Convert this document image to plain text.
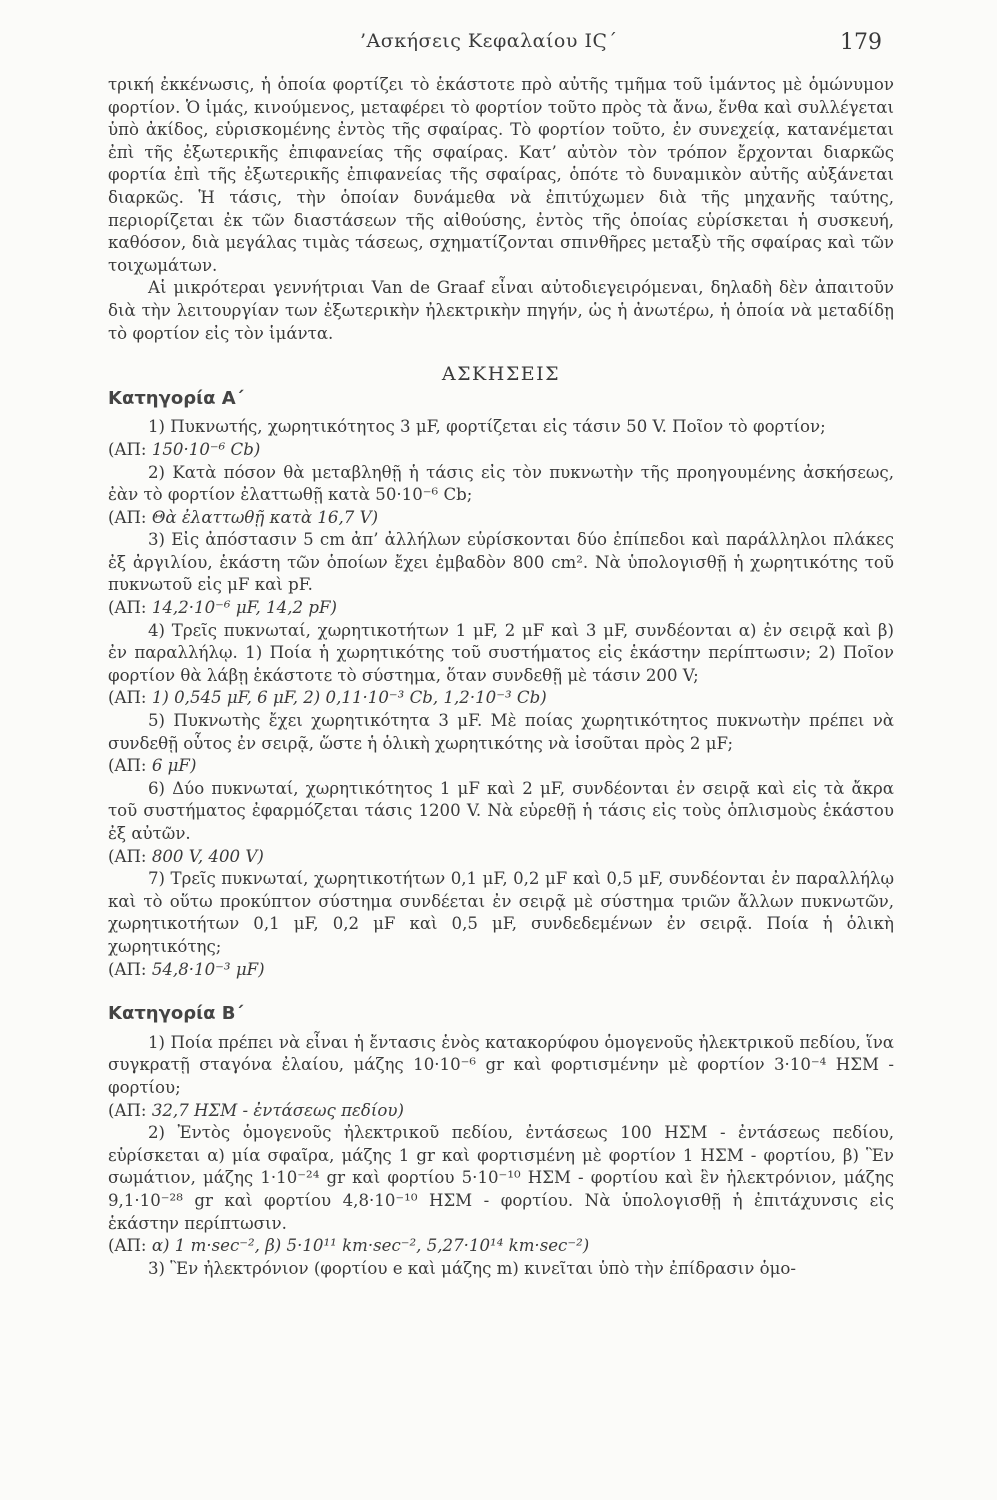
’Ασκήσεις Κεφαλαίου ΙϚ΄	179

τρική ἐκκένωσις, ἡ ὁποία φορτίζει τὸ ἑκάστοτε πρὸ αὐτῆς τμῆμα τοῦ ἱμάντος μὲ ὁμώνυμον φορτίον. Ὁ ἱμάς, κινούμενος, μεταφέρει τὸ φορτίον τοῦτο πρὸς τὰ ἄνω, ἔνθα καὶ συλλέγεται ὑπὸ ἀκίδος, εὑρισκομένης ἐντὸς τῆς σφαίρας. Τὸ φορτίον τοῦτο, ἐν συνεχείᾳ, κατανέμεται ἐπὶ τῆς ἐξωτερικῆς ἐπιφανείας τῆς σφαίρας. Κατ’ αὐτὸν τὸν τρόπον ἔρχονται διαρκῶς φορτία ἐπὶ τῆς ἐξωτερικῆς ἐπιφανείας τῆς σφαίρας, ὁπότε τὸ δυναμικὸν αὐτῆς αὐξάνεται διαρκῶς. Ἡ τάσις, τὴν ὁποίαν δυνάμεθα νὰ ἐπιτύχωμεν διὰ τῆς μηχανῆς ταύτης, περιορίζεται ἐκ τῶν διαστάσεων τῆς αἰθούσης, ἐντὸς τῆς ὁποίας εὑρίσκεται ἡ συσκευή, καθόσον, διὰ μεγάλας τιμὰς τάσεως, σχηματίζονται σπινθῆρες μεταξὺ τῆς σφαίρας καὶ τῶν τοιχωμάτων.

Αἱ μικρότεραι γεννήτριαι Van de Graaf εἶναι αὐτοδιεγειρόμεναι, δηλαδὴ δὲν ἀπαιτοῦν διὰ τὴν λειτουργίαν των ἐξωτερικὴν ἠλεκτρικὴν πηγήν, ὡς ἡ ἀνωτέρω, ἡ ὁποία νὰ μεταδίδῃ τὸ φορτίον εἰς τὸν ἱμάντα.

ΑΣΚΗΣΕΙΣ
Κατηγορία Α΄

1) Πυκνωτής, χωρητικότητος 3 μF, φορτίζεται εἰς τάσιν 50 V. Ποῖον τὸ φορτίον;

(ΑΠ: 150·10⁻⁶ Cb)

2) Κατὰ πόσον θὰ μεταβληθῇ ἡ τάσις εἰς τὸν πυκνωτὴν τῆς προηγουμένης ἀσκήσεως, ἐὰν τὸ φορτίον ἐλαττωθῇ κατὰ 50·10⁻⁶ Cb;

(ΑΠ: Θὰ ἐλαττωθῇ κατὰ 16,7 V)

3) Εἰς ἀπόστασιν 5 cm ἀπ’ ἀλλήλων εὑρίσκονται δύο ἐπίπεδοι καὶ παράλληλοι πλάκες ἐξ ἀργιλίου, ἑκάστη τῶν ὁποίων ἔχει ἐμβαδὸν 800 cm². Νὰ ὑπολογισθῇ ἡ χωρητικότης τοῦ πυκνωτοῦ εἰς μF καὶ pF.

(ΑΠ: 14,2·10⁻⁶ μF, 14,2 pF)

4) Τρεῖς πυκνωταί, χωρητικοτήτων 1 μF, 2 μF καὶ 3 μF, συνδέονται α) ἐν σειρᾷ καὶ β) ἐν παραλλήλῳ. 1) Ποία ἡ χωρητικότης τοῦ συστήματος εἰς ἑκάστην περίπτωσιν; 2) Ποῖον φορτίον θὰ λάβῃ ἑκάστοτε τὸ σύστημα, ὅταν συνδεθῇ μὲ τάσιν 200 V;

(ΑΠ: 1) 0,545 μF, 6 μF, 2) 0,11·10⁻³ Cb, 1,2·10⁻³ Cb)

5) Πυκνωτὴς ἔχει χωρητικότητα 3 μF. Μὲ ποίας χωρητικότητος πυκνωτὴν πρέπει νὰ συνδεθῇ οὗτος ἐν σειρᾷ, ὥστε ἡ ὁλικὴ χωρητικότης νὰ ἰσοῦται πρὸς 2 μF;

(ΑΠ: 6 μF)

6) Δύο πυκνωταί, χωρητικότητος 1 μF καὶ 2 μF, συνδέονται ἐν σειρᾷ καὶ εἰς τὰ ἄκρα τοῦ συστήματος ἐφαρμόζεται τάσις 1200 V. Νὰ εὑρεθῇ ἡ τάσις εἰς τοὺς ὁπλισμοὺς ἑκάστου ἐξ αὐτῶν.

(ΑΠ: 800 V, 400 V)

7) Τρεῖς πυκνωταί, χωρητικοτήτων 0,1 μF, 0,2 μF καὶ 0,5 μF, συνδέονται ἐν παραλλήλῳ καὶ τὸ οὕτω προκύπτον σύστημα συνδέεται ἐν σειρᾷ μὲ σύστημα τριῶν ἄλλων πυκνωτῶν, χωρητικοτήτων 0,1 μF, 0,2 μF καὶ 0,5 μF, συνδεδεμένων ἐν σειρᾷ. Ποία ἡ ὁλικὴ χωρητικότης;

(ΑΠ: 54,8·10⁻³ μF)

Κατηγορία Β΄

1) Ποία πρέπει νὰ εἶναι ἡ ἔντασις ἑνὸς κατακορύφου ὁμογενοῦς ἠλεκτρικοῦ πεδίου, ἵνα συγκρατῇ σταγόνα ἐλαίου, μάζης 10·10⁻⁶ gr καὶ φορτισμένην μὲ φορτίον 3·10⁻⁴ ΗΣΜ - φορτίου;

(ΑΠ: 32,7 ΗΣΜ - ἐντάσεως πεδίου)

2) Ἐντὸς ὁμογενοῦς ἠλεκτρικοῦ πεδίου, ἐντάσεως 100 ΗΣΜ - ἐντάσεως πεδίου, εὑρίσκεται α) μία σφαῖρα, μάζης 1 gr καὶ φορτισμένη μὲ φορτίον 1 ΗΣΜ - φορτίου, β) Ἓν σωμάτιον, μάζης 1·10⁻²⁴ gr καὶ φορτίου 5·10⁻¹⁰ ΗΣΜ - φορτίου καὶ ἓν ἠλεκτρόνιον, μάζης 9,1·10⁻²⁸ gr καὶ φορτίου 4,8·10⁻¹⁰ ΗΣΜ - φορτίου. Νὰ ὑπολογισθῇ ἡ ἐπιτάχυνσις εἰς ἑκάστην περίπτωσιν.

(ΑΠ: α) 1 m·sec⁻², β) 5·10¹¹ km·sec⁻², 5,27·10¹⁴ km·sec⁻²)

3) Ἓν ἠλεκτρόνιον (φορτίου e καὶ μάζης m) κινεῖται ὑπὸ τὴν ἐπίδρασιν ὁμο-
